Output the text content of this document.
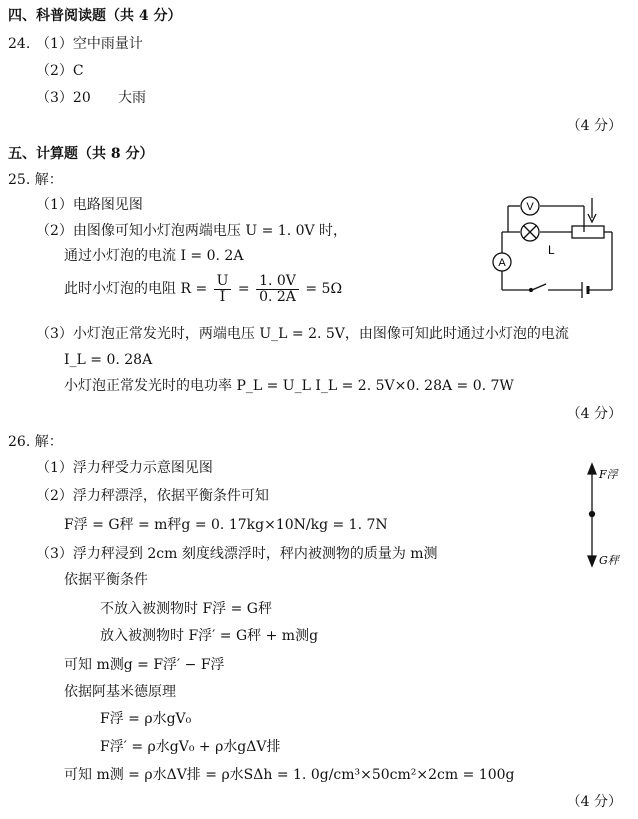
四、科普阅读题（共 4 分）
24. （1）空中雨量计
（2）C
（3）20 大雨
（4 分）
五、计算题（共 8 分）
25. 解：
（1）电路图见图
（2）由图像可知小灯泡两端电压 U = 1. 0V 时，
通过小灯泡的电流 I = 0. 2A
此时小灯泡的电阻 $R = \frac{U}{I} = \frac{1. 0V}{0. 2A} = 5\Omega$
（3）小灯泡正常发光时，两端电压 U_L = 2. 5V，由图像可知此时通过小灯泡的电流
I_L = 0. 28A
小灯泡正常发光时的电功率 P_L = U_L I_L = 2. 5V×0. 28A = 0. 7W
（4 分）
V
A
L
26. 解：
（1）浮力秤受力示意图见图
（2）浮力秤漂浮，依据平衡条件可知
F浮 = G秤 = m秤g = 0. 17kg×10N/kg = 1. 7N
（3）浮力秤浸到 2cm 刻度线漂浮时，秤内被测物的质量为 m测
依据平衡条件
不放入被测物时 F浮 = G秤
放入被测物时 F浮′ = G秤 + m测g
可知 m测g = F浮′ − F浮
依据阿基米德原理
F浮 = ρ水gV₀
F浮′ = ρ水gV₀ + ρ水gΔV排
可知 m测 = ρ水ΔV排 = ρ水SΔh = 1. 0g/cm³×50cm²×2cm = 100g
（4 分）
F浮
G秤
